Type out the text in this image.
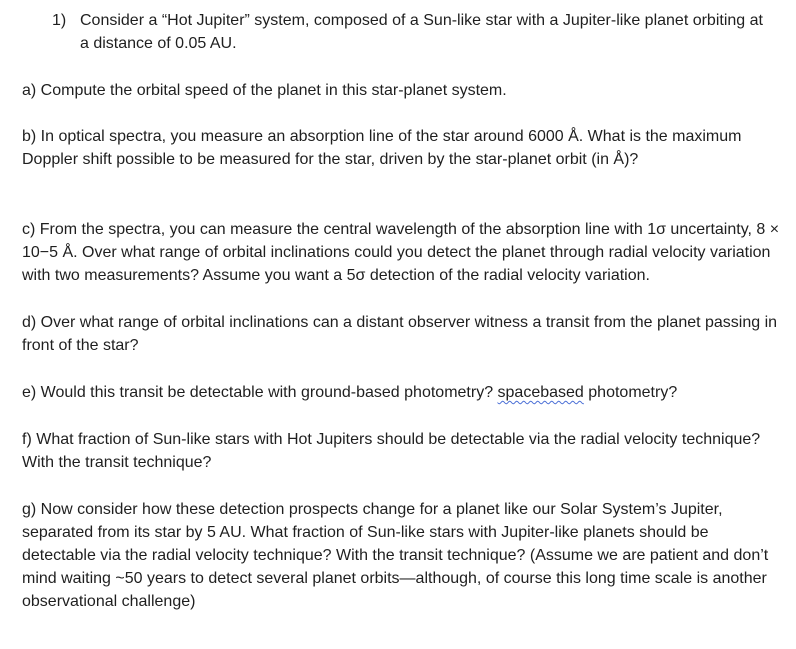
1) Consider a “Hot Jupiter” system, composed of a Sun-like star with a Jupiter-like planet orbiting at a distance of 0.05 AU.
a) Compute the orbital speed of the planet in this star-planet system.
b) In optical spectra, you measure an absorption line of the star around 6000 Å. What is the maximum Doppler shift possible to be measured for the star, driven by the star-planet orbit (in Å)?
c) From the spectra, you can measure the central wavelength of the absorption line with 1σ uncertainty, 8 × 10−5 Å. Over what range of orbital inclinations could you detect the planet through radial velocity variation with two measurements? Assume you want a 5σ detection of the radial velocity variation.
d) Over what range of orbital inclinations can a distant observer witness a transit from the planet passing in front of the star?
e) Would this transit be detectable with ground-based photometry? spacebased photometry?
f) What fraction of Sun-like stars with Hot Jupiters should be detectable via the radial velocity technique? With the transit technique?
g) Now consider how these detection prospects change for a planet like our Solar System’s Jupiter, separated from its star by 5 AU. What fraction of Sun-like stars with Jupiter-like planets should be detectable via the radial velocity technique? With the transit technique? (Assume we are patient and don’t mind waiting ~50 years to detect several planet orbits—although, of course this long time scale is another observational challenge)
